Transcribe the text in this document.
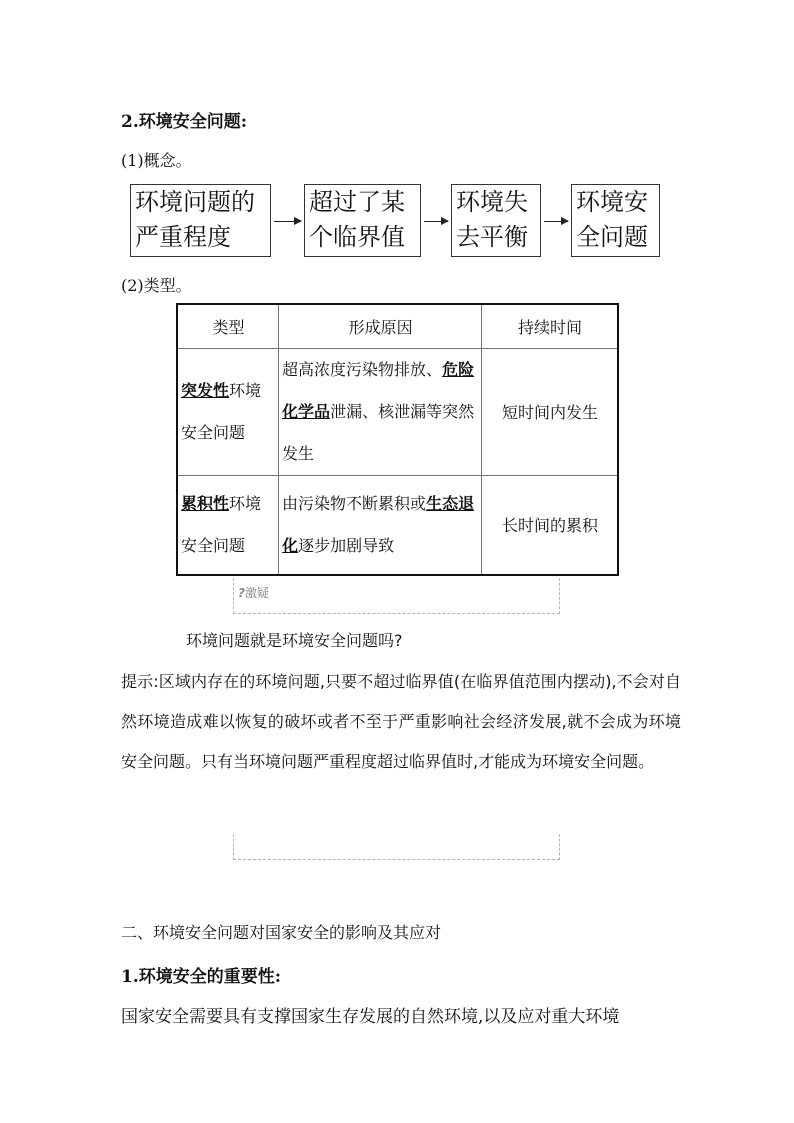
2.环境安全问题:
(1)概念。
环境问题的
严重程度
超过了某
个临界值
环境失
去平衡
环境安
全问题
(2)类型。
类型	形成原因	持续时间
突发性环境安全问题	超高浓度污染物排放、危险化学品泄漏、核泄漏等突然发生	短时间内发生
累积性环境安全问题	由污染物不断累积或生态退化逐步加剧导致	长时间的累积
?激疑
环境问题就是环境安全问题吗?
提示:区域内存在的环境问题,只要不超过临界值(在临界值范围内摆动),不会对自然环境造成难以恢复的破坏或者不至于严重影响社会经济发展,就不会成为环境安全问题。只有当环境问题严重程度超过临界值时,才能成为环境安全问题。
二、环境安全问题对国家安全的影响及其应对
1.环境安全的重要性:
国家安全需要具有支撑国家生存发展的自然环境,以及应对重大环境
